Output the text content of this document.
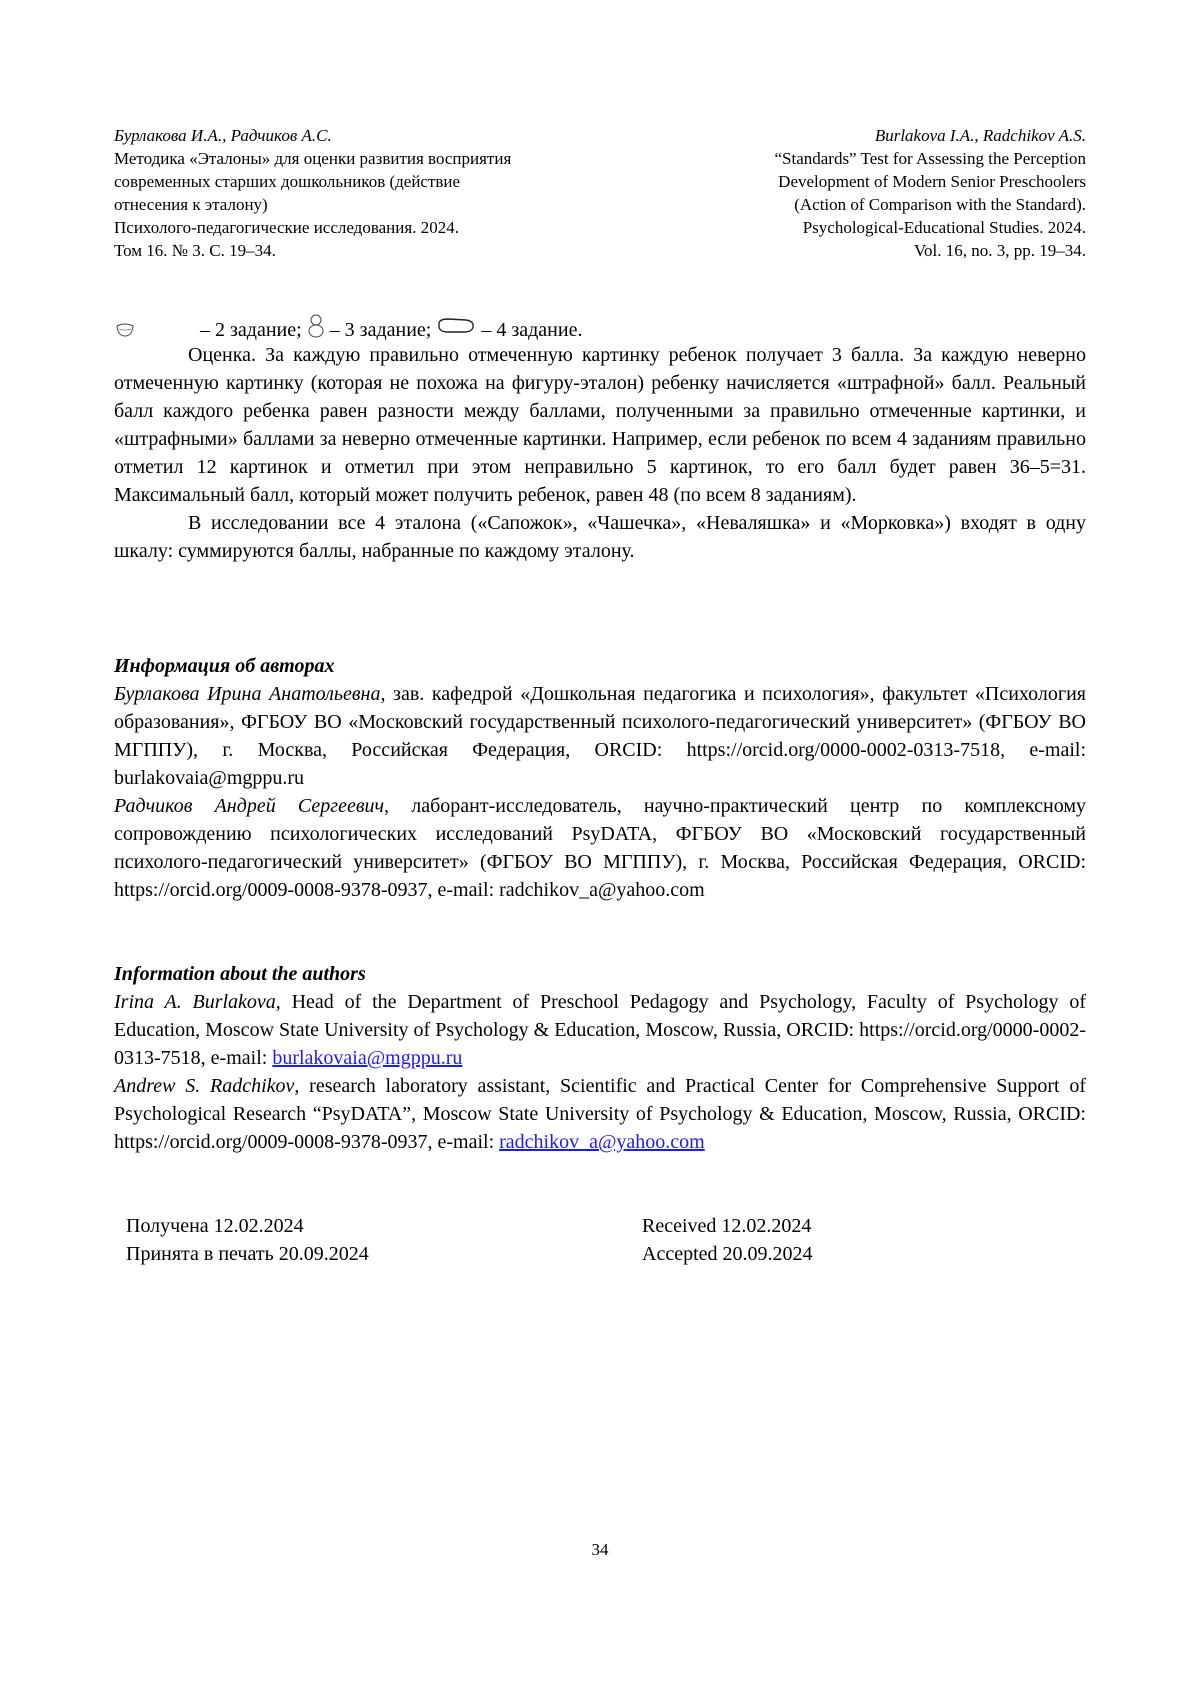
Бурлакова И.А., Радчиков А.С.
Методика «Эталоны» для оценки развития восприятия
современных старших дошкольников (действие
отнесения к эталону)
Психолого-педагогические исследования. 2024.
Том 16. № 3. С. 19–34.
Burlakova I.A., Radchikov A.S.
“Standards” Test for Assessing the Perception
Development of Modern Senior Preschoolers
(Action of Comparison with the Standard).
Psychological-Educational Studies. 2024.
Vol. 16, no. 3, pp. 19–34.
– 2 задание;  – 3 задание;  – 4 задание.

Оценка. За каждую правильно отмеченную картинку ребенок получает 3 балла. За каждую неверно отмеченную картинку (которая не похожа на фигуру-эталон) ребенку начисляется «штрафной» балл. Реальный балл каждого ребенка равен разности между баллами, полученными за правильно отмеченные картинки, и «штрафными» баллами за неверно отмеченные картинки. Например, если ребенок по всем 4 заданиям правильно отметил 12 картинок и отметил при этом неправильно 5 картинок, то его балл будет равен 36–5=31. Максимальный балл, который может получить ребенок, равен 48 (по всем 8 заданиям).

В исследовании все 4 эталона («Сапожок», «Чашечка», «Неваляшка» и «Морковка») входят в одну шкалу: суммируются баллы, набранные по каждому эталону.

Информация об авторах

Бурлакова Ирина Анатольевна, зав. кафедрой «Дошкольная педагогика и психология», факультет «Психология образования», ФГБОУ ВО «Московский государственный психолого-педагогический университет» (ФГБОУ ВО МГППУ), г. Москва, Российская Федерация, ORCID: https://orcid.org/0000-0002-0313-7518, e-mail: burlakovaia@mgppu.ru

Радчиков Андрей Сергеевич, лаборант-исследователь, научно-практический центр по комплексному сопровождению психологических исследований PsyDATA, ФГБОУ ВО «Московский государственный психолого-педагогический университет» (ФГБОУ ВО МГППУ), г. Москва, Российская Федерация, ORCID: https://orcid.org/0009-0008-9378-0937, e-mail: radchikov_a@yahoo.com

Information about the authors

Irina A. Burlakova, Head of the Department of Preschool Pedagogy and Psychology, Faculty of Psychology of Education, Moscow State University of Psychology & Education, Moscow, Russia, ORCID: https://orcid.org/0000-0002-0313-7518, e-mail: burlakovaia@mgppu.ru

Andrew S. Radchikov, research laboratory assistant, Scientific and Practical Center for Comprehensive Support of Psychological Research “PsyDATA”, Moscow State University of Psychology & Education, Moscow, Russia, ORCID: https://orcid.org/0009-0008-9378-0937, e-mail: radchikov_a@yahoo.com

Получена 12.02.2024
Принята в печать 20.09.2024
Received 12.02.2024
Accepted 20.09.2024
34
